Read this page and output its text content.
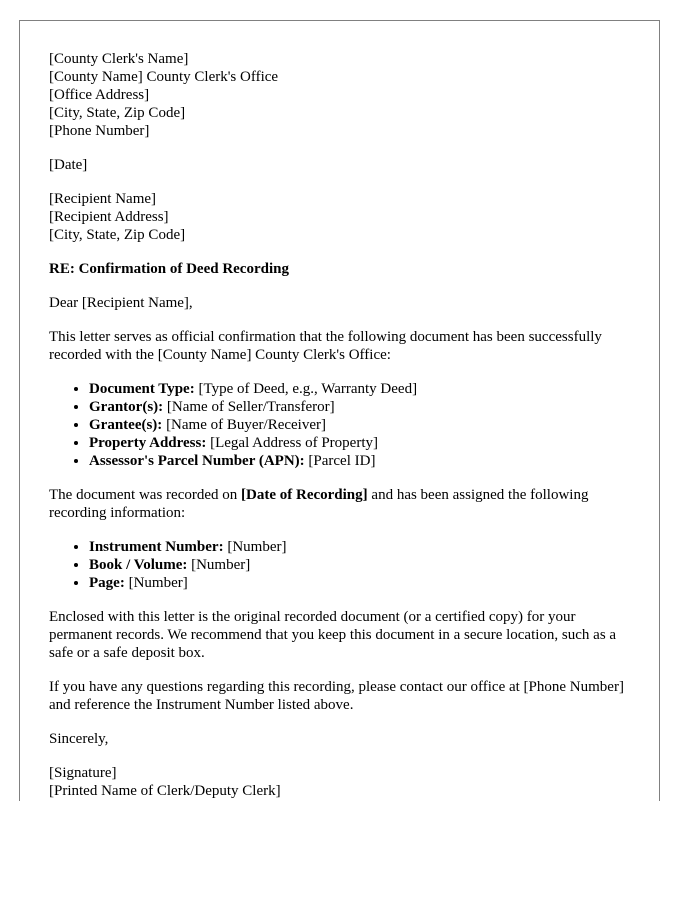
[County Clerk's Name]
[County Name] County Clerk's Office
[Office Address]
[City, State, Zip Code]
[Phone Number]
[Date]
[Recipient Name]
[Recipient Address]
[City, State, Zip Code]
RE: Confirmation of Deed Recording

Dear [Recipient Name],

This letter serves as official confirmation that the following document has been successfully recorded with the [County Name] County Clerk's Office:

• Document Type: [Type of Deed, e.g., Warranty Deed]
• Grantor(s): [Name of Seller/Transferor]
• Grantee(s): [Name of Buyer/Receiver]
• Property Address: [Legal Address of Property]
• Assessor's Parcel Number (APN): [Parcel ID]

The document was recorded on [Date of Recording] and has been assigned the following recording information:

• Instrument Number: [Number]
• Book / Volume: [Number]
• Page: [Number]

Enclosed with this letter is the original recorded document (or a certified copy) for your permanent records. We recommend that you keep this document in a secure location, such as a safe or a safe deposit box.

If you have any questions regarding this recording, please contact our office at [Phone Number] and reference the Instrument Number listed above.

Sincerely,

[Signature]
[Printed Name of Clerk/Deputy Clerk]
